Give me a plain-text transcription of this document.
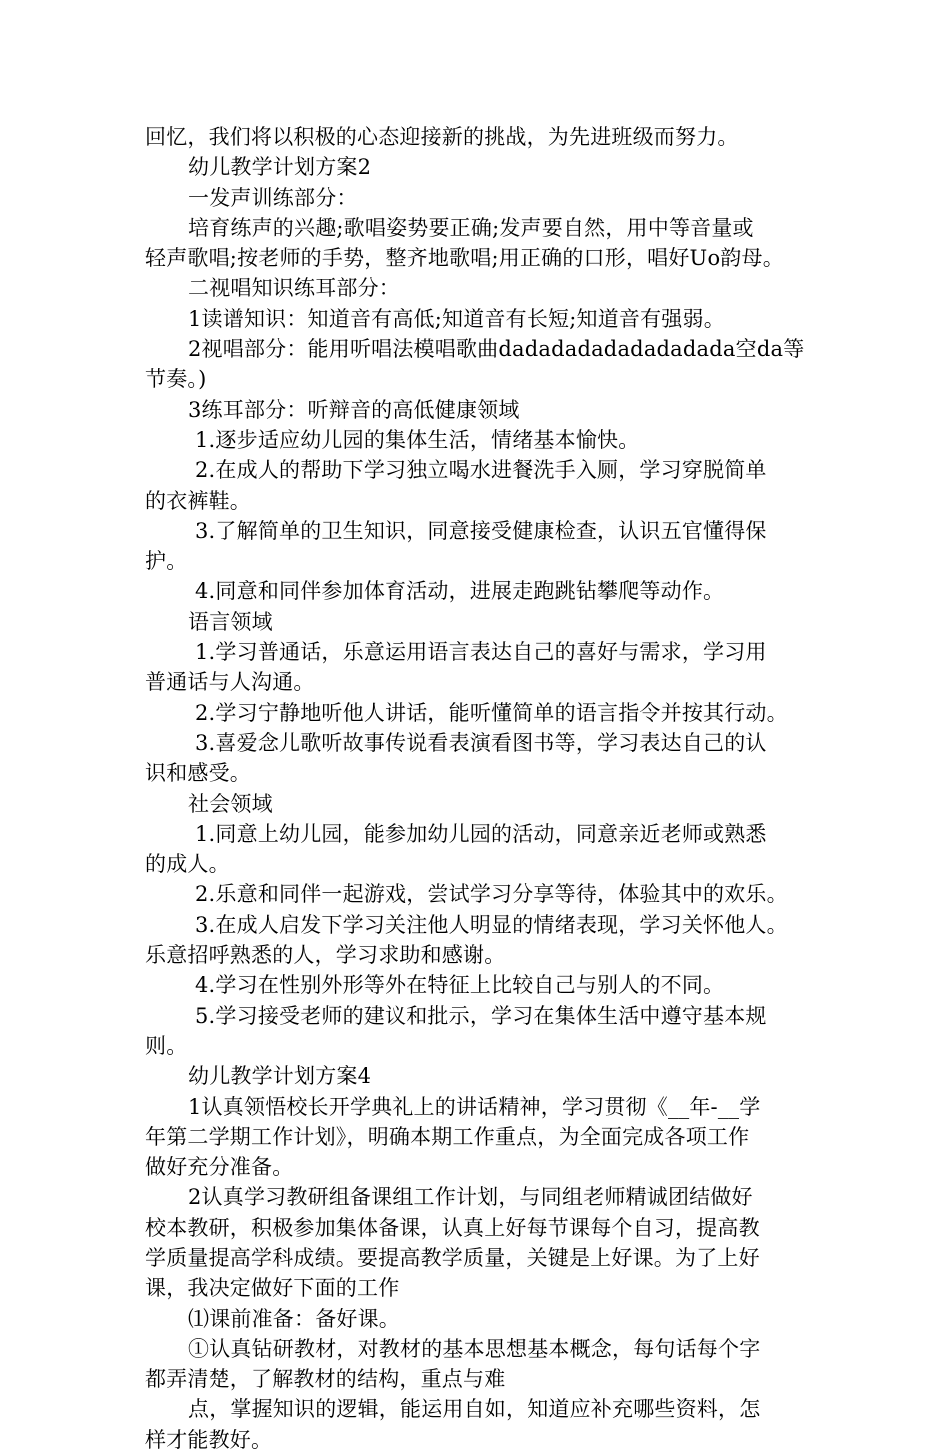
回忆，我们将以积极的心态迎接新的挑战，为先进班级而努力。
幼儿教学计划方案2
一发声训练部分：
培育练声的兴趣;歌唱姿势要正确;发声要自然，用中等音量或
轻声歌唱;按老师的手势，整齐地歌唱;用正确的口形，唱好Uo韵母。
二视唱知识练耳部分：
1读谱知识：知道音有高低;知道音有长短;知道音有强弱。
2视唱部分：能用听唱法模唱歌曲dadadadadadadadada空da等
节奏。)
3练耳部分：听辩音的高低健康领域
1.逐步适应幼儿园的集体生活，情绪基本愉快。
2.在成人的帮助下学习独立喝水进餐洗手入厕，学习穿脱简单
的衣裤鞋。
3.了解简单的卫生知识，同意接受健康检查，认识五官懂得保
护。
4.同意和同伴参加体育活动，进展走跑跳钻攀爬等动作。
语言领域
1.学习普通话，乐意运用语言表达自己的喜好与需求，学习用
普通话与人沟通。
2.学习宁静地听他人讲话，能听懂简单的语言指令并按其行动。
3.喜爱念儿歌听故事传说看表演看图书等，学习表达自己的认
识和感受。
社会领域
1.同意上幼儿园，能参加幼儿园的活动，同意亲近老师或熟悉
的成人。
2.乐意和同伴一起游戏，尝试学习分享等待，体验其中的欢乐。
3.在成人启发下学习关注他人明显的情绪表现，学习关怀他人。
乐意招呼熟悉的人，学习求助和感谢。
4.学习在性别外形等外在特征上比较自己与别人的不同。
5.学习接受老师的建议和批示，学习在集体生活中遵守基本规
则。
幼儿教学计划方案4
1认真领悟校长开学典礼上的讲话精神，学习贯彻《__年-__学
年第二学期工作计划》，明确本期工作重点，为全面完成各项工作
做好充分准备。
2认真学习教研组备课组工作计划，与同组老师精诚团结做好
校本教研，积极参加集体备课，认真上好每节课每个自习，提高教
学质量提高学科成绩。要提高教学质量，关键是上好课。为了上好
课，我决定做好下面的工作
⑴课前准备：备好课。
①认真钻研教材，对教材的基本思想基本概念，每句话每个字
都弄清楚，了解教材的结构，重点与难
点，掌握知识的逻辑，能运用自如，知道应补充哪些资料，怎
样才能教好。
